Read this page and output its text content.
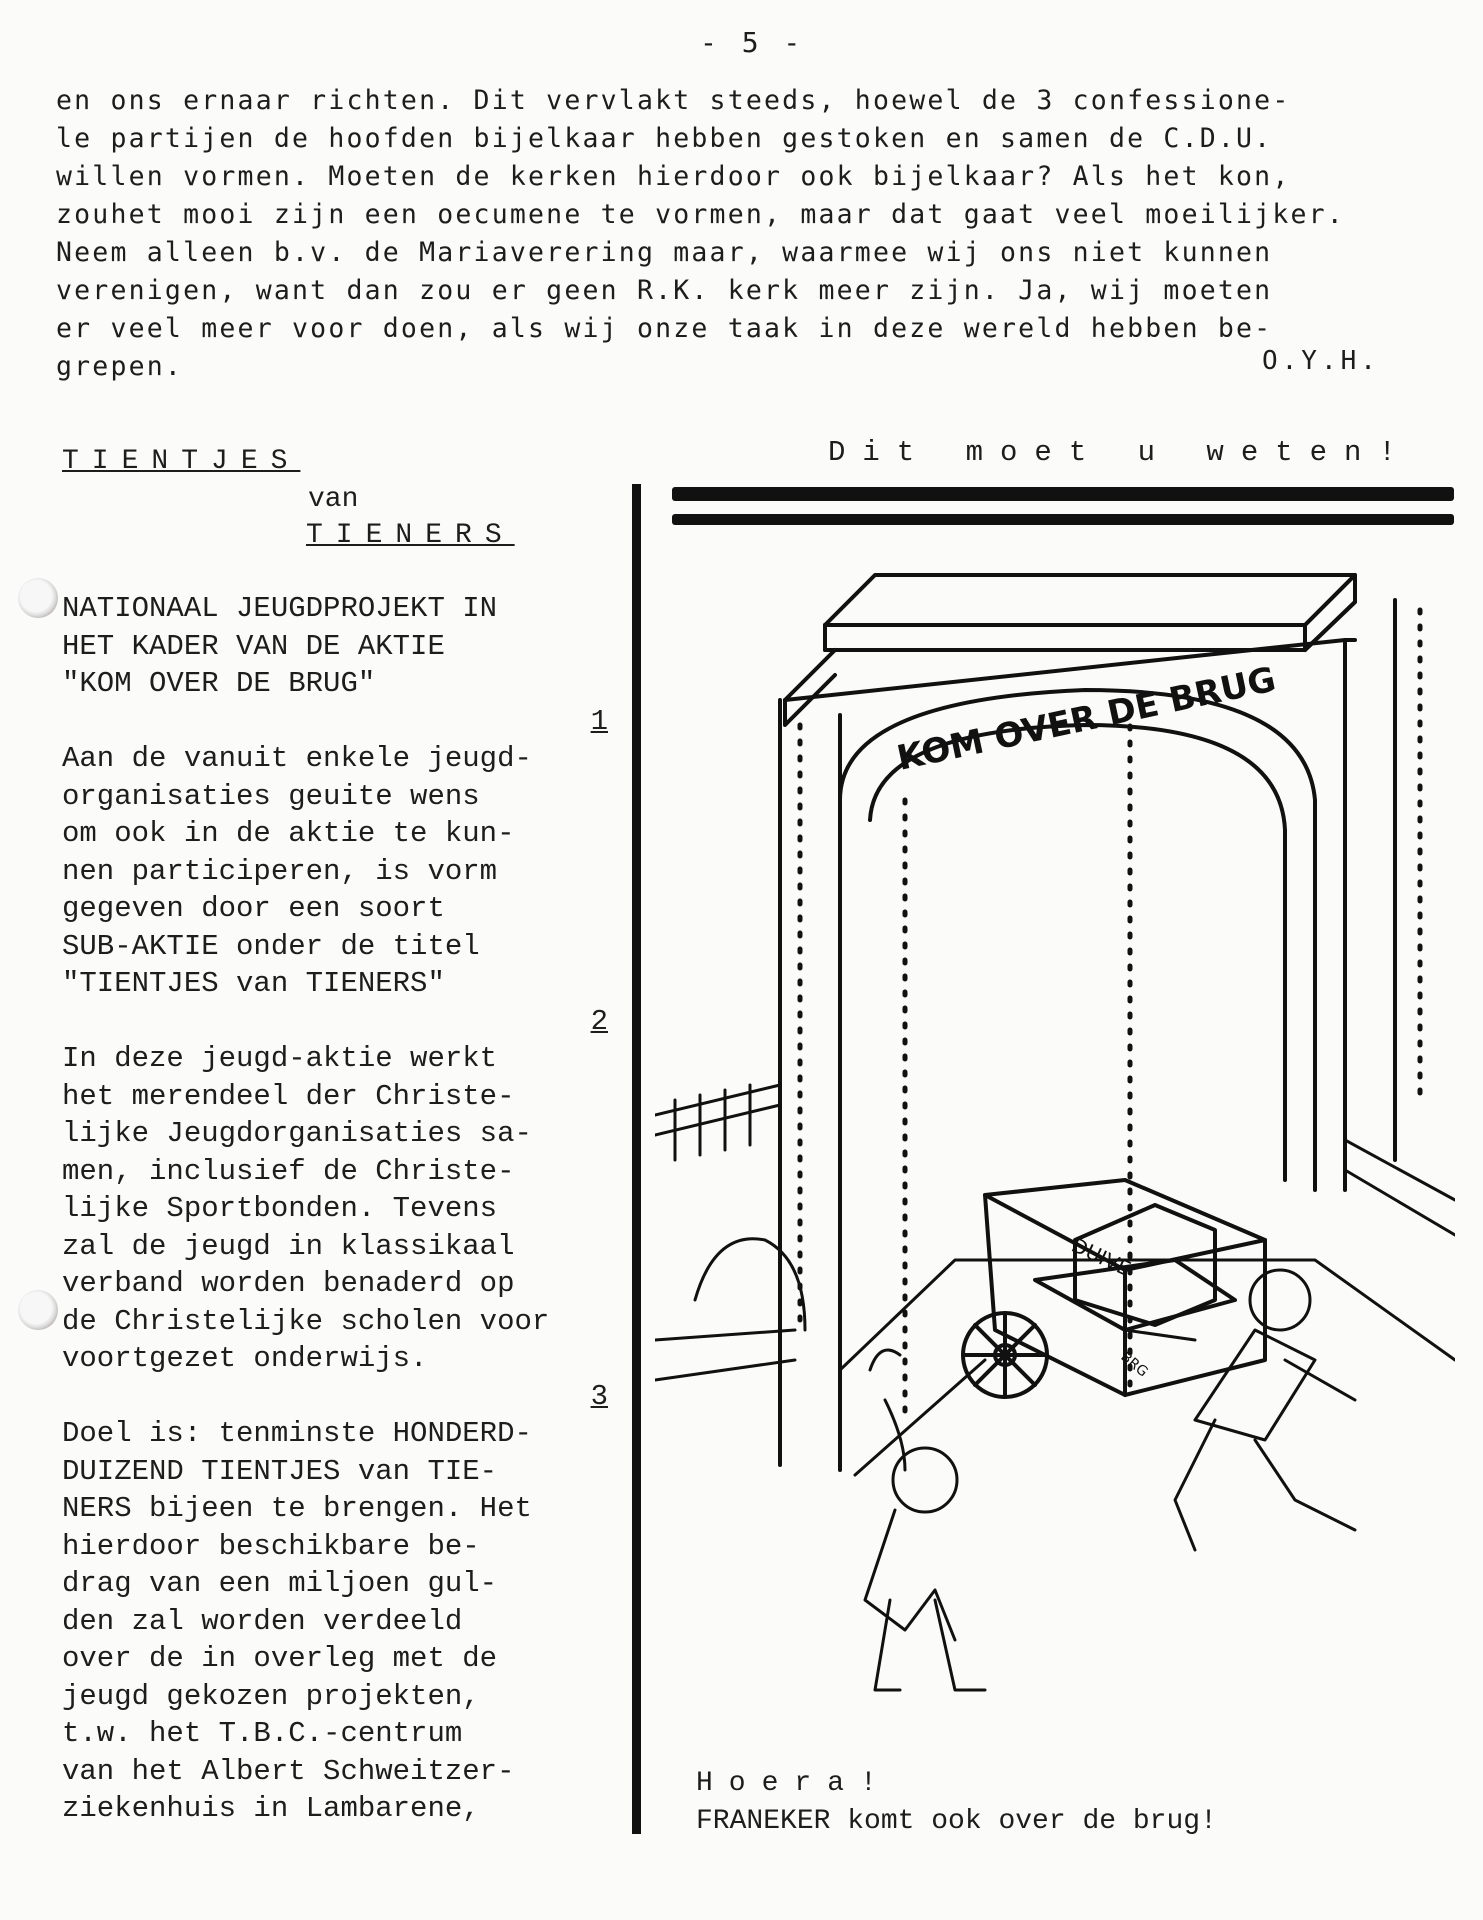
- 5 -
en ons ernaar richten. Dit vervlakt steeds, hoewel de 3 confessione-
le partijen de hoofden bijelkaar hebben gestoken en samen de C.D.U.
willen vormen. Moeten de kerken hierdoor ook bijelkaar? Als het kon,
zouhet mooi zijn een oecumene te vormen, maar dat gaat veel moeilijker.
Neem alleen b.v. de Mariaverering maar, waarmee wij ons niet kunnen
verenigen, want dan zou er geen R.K. kerk meer zijn. Ja, wij moeten
er veel meer voor doen, als wij onze taak in deze wereld hebben be-
grepen.	O.Y.H.
TIENTJES
van
TIENERS
NATIONAAL JEUGDPROJEKT IN
HET KADER VAN DE AKTIE
"KOM OVER DE BRUG"
1
Aan de vanuit enkele jeugd-
organisaties geuite wens
om ook in de aktie te kun-
nen participeren, is vorm
gegeven door een soort
SUB-AKTIE onder de titel
"TIENTJES van TIENERS"
2
In deze jeugd-aktie werkt
het merendeel der Christe-
lijke Jeugdorganisaties sa-
men, inclusief de Christe-
lijke Sportbonden. Tevens
zal de jeugd in klassikaal
verband worden benaderd op
de Christelijke scholen voor
voortgezet onderwijs.
3
Doel is: tenminste HONDERD-
DUIZEND TIENTJES van TIE-
NERS bijeen te brengen. Het
hierdoor beschikbare be-
drag van een miljoen gul-
den zal worden verdeeld
over de in overleg met de
jeugd gekozen projekten,
t.w. het T.B.C.-centrum
van het Albert Schweitzer-
ziekenhuis in Lambarene,
Dit moet u weten!
KOM OVER DE BRUG
DUIVE
BRG
Hoera!
FRANEKER komt ook over de brug!
